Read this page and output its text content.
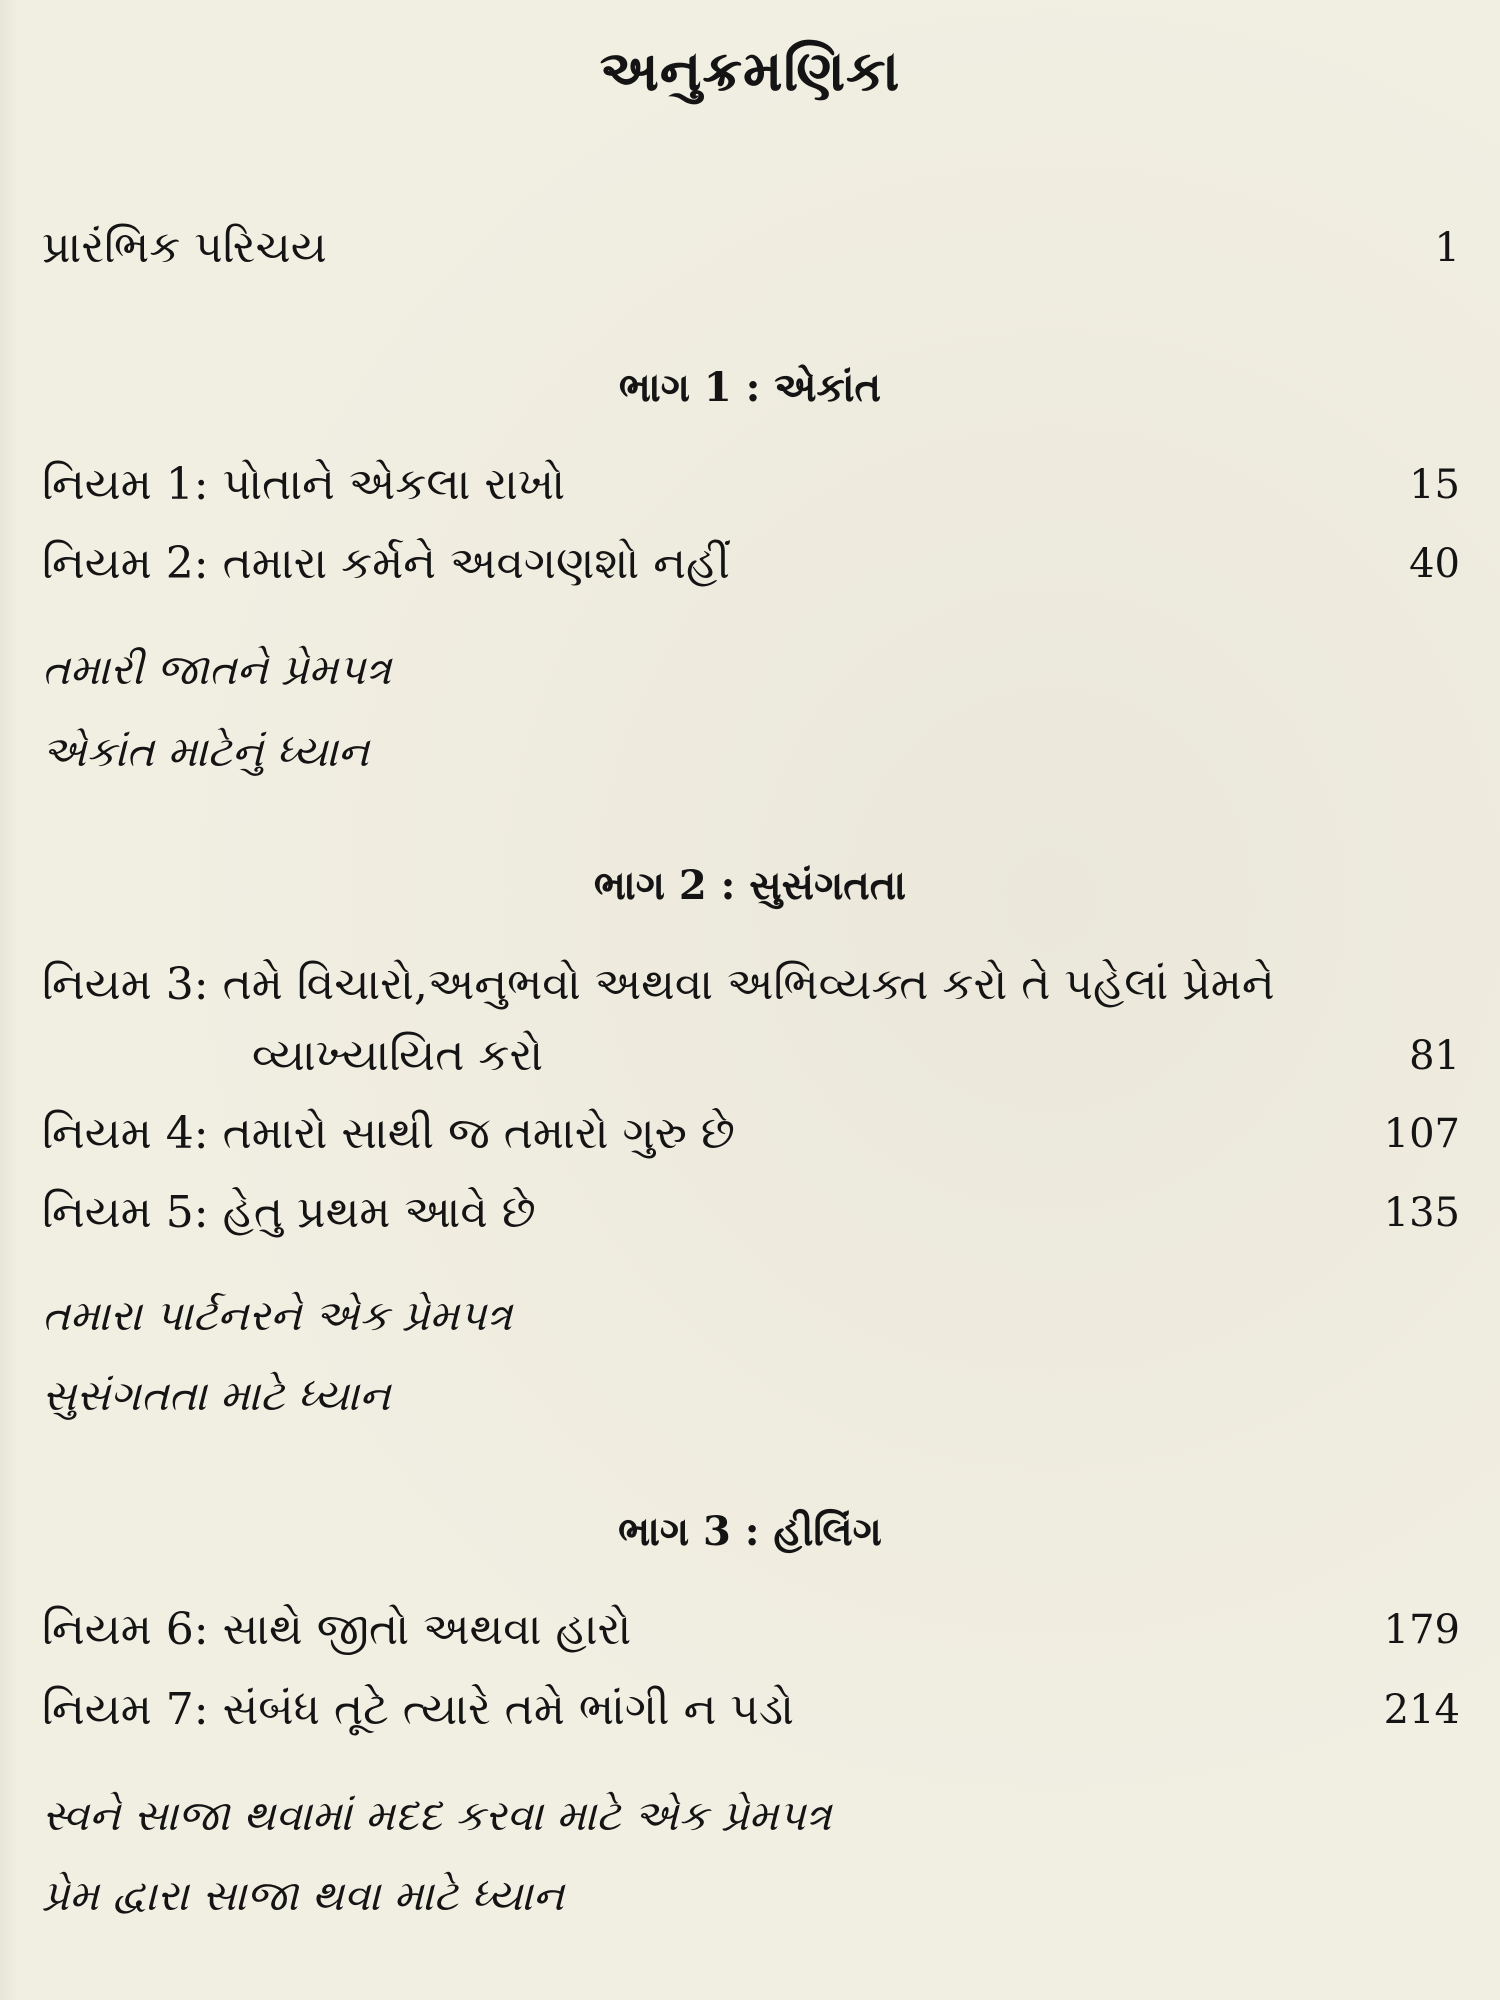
અનુક્રમણિકા
પ્રારંભિક પરિચય	1
ભાગ 1 : એકાંત
નિયમ 1: પોતાને એકલા રાખો	15
નિયમ 2: તમારા કર્મને અવગણશો નહીં	40
તમારી જાતને પ્રેમપત્ર
એકાંત માટેનું ધ્યાન
ભાગ 2 : સુસંગતતા
નિયમ 3: તમે વિચારો,અનુભવો અથવા અભિવ્યક્ત કરો તે પહેલાં પ્રેમને
વ્યાખ્યાયિત કરો	81
નિયમ 4: તમારો સાથી જ તમારો ગુરુ છે	107
નિયમ 5: હેતુ પ્રથમ આવે છે	135
તમારા પાર્ટનરને એક પ્રેમપત્ર
સુસંગતતા માટે ધ્યાન
ભાગ 3 : હીલિંગ
નિયમ 6: સાથે જીતો અથવા હારો	179
નિયમ 7: સંબંધ તૂટે ત્યારે તમે ભાંગી ન પડો	214
સ્વને સાજા થવામાં મદદ કરવા માટે એક પ્રેમપત્ર
પ્રેમ દ્વારા સાજા થવા માટે ધ્યાન
